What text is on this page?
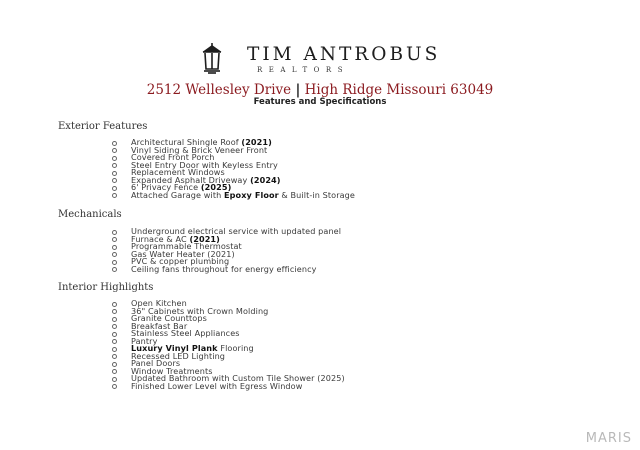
TIM ANTROBUS
REALTORS
2512 Wellesley Drive | High Ridge Missouri 63049
Features and Specifications
Exterior Features
Architectural Shingle Roof (2021)
Vinyl Siding & Brick Veneer Front
Covered Front Porch
Steel Entry Door with Keyless Entry
Replacement Windows
Expanded Asphalt Driveway (2024)
6' Privacy Fence (2025)
Attached Garage with Epoxy Floor & Built-in Storage
Mechanicals
Underground electrical service with updated panel
Furnace & AC (2021)
Programmable Thermostat
Gas Water Heater (2021)
PVC & copper plumbing
Ceiling fans throughout for energy efficiency
Interior Highlights
Open Kitchen
36" Cabinets with Crown Molding
Granite Counttops
Breakfast Bar
Stainless Steel Appliances
Pantry
Luxury Vinyl Plank Flooring
Recessed LED Lighting
Panel Doors
Window Treatments
Updated Bathroom with Custom Tile Shower (2025)
Finished Lower Level with Egress Window
MARIS
